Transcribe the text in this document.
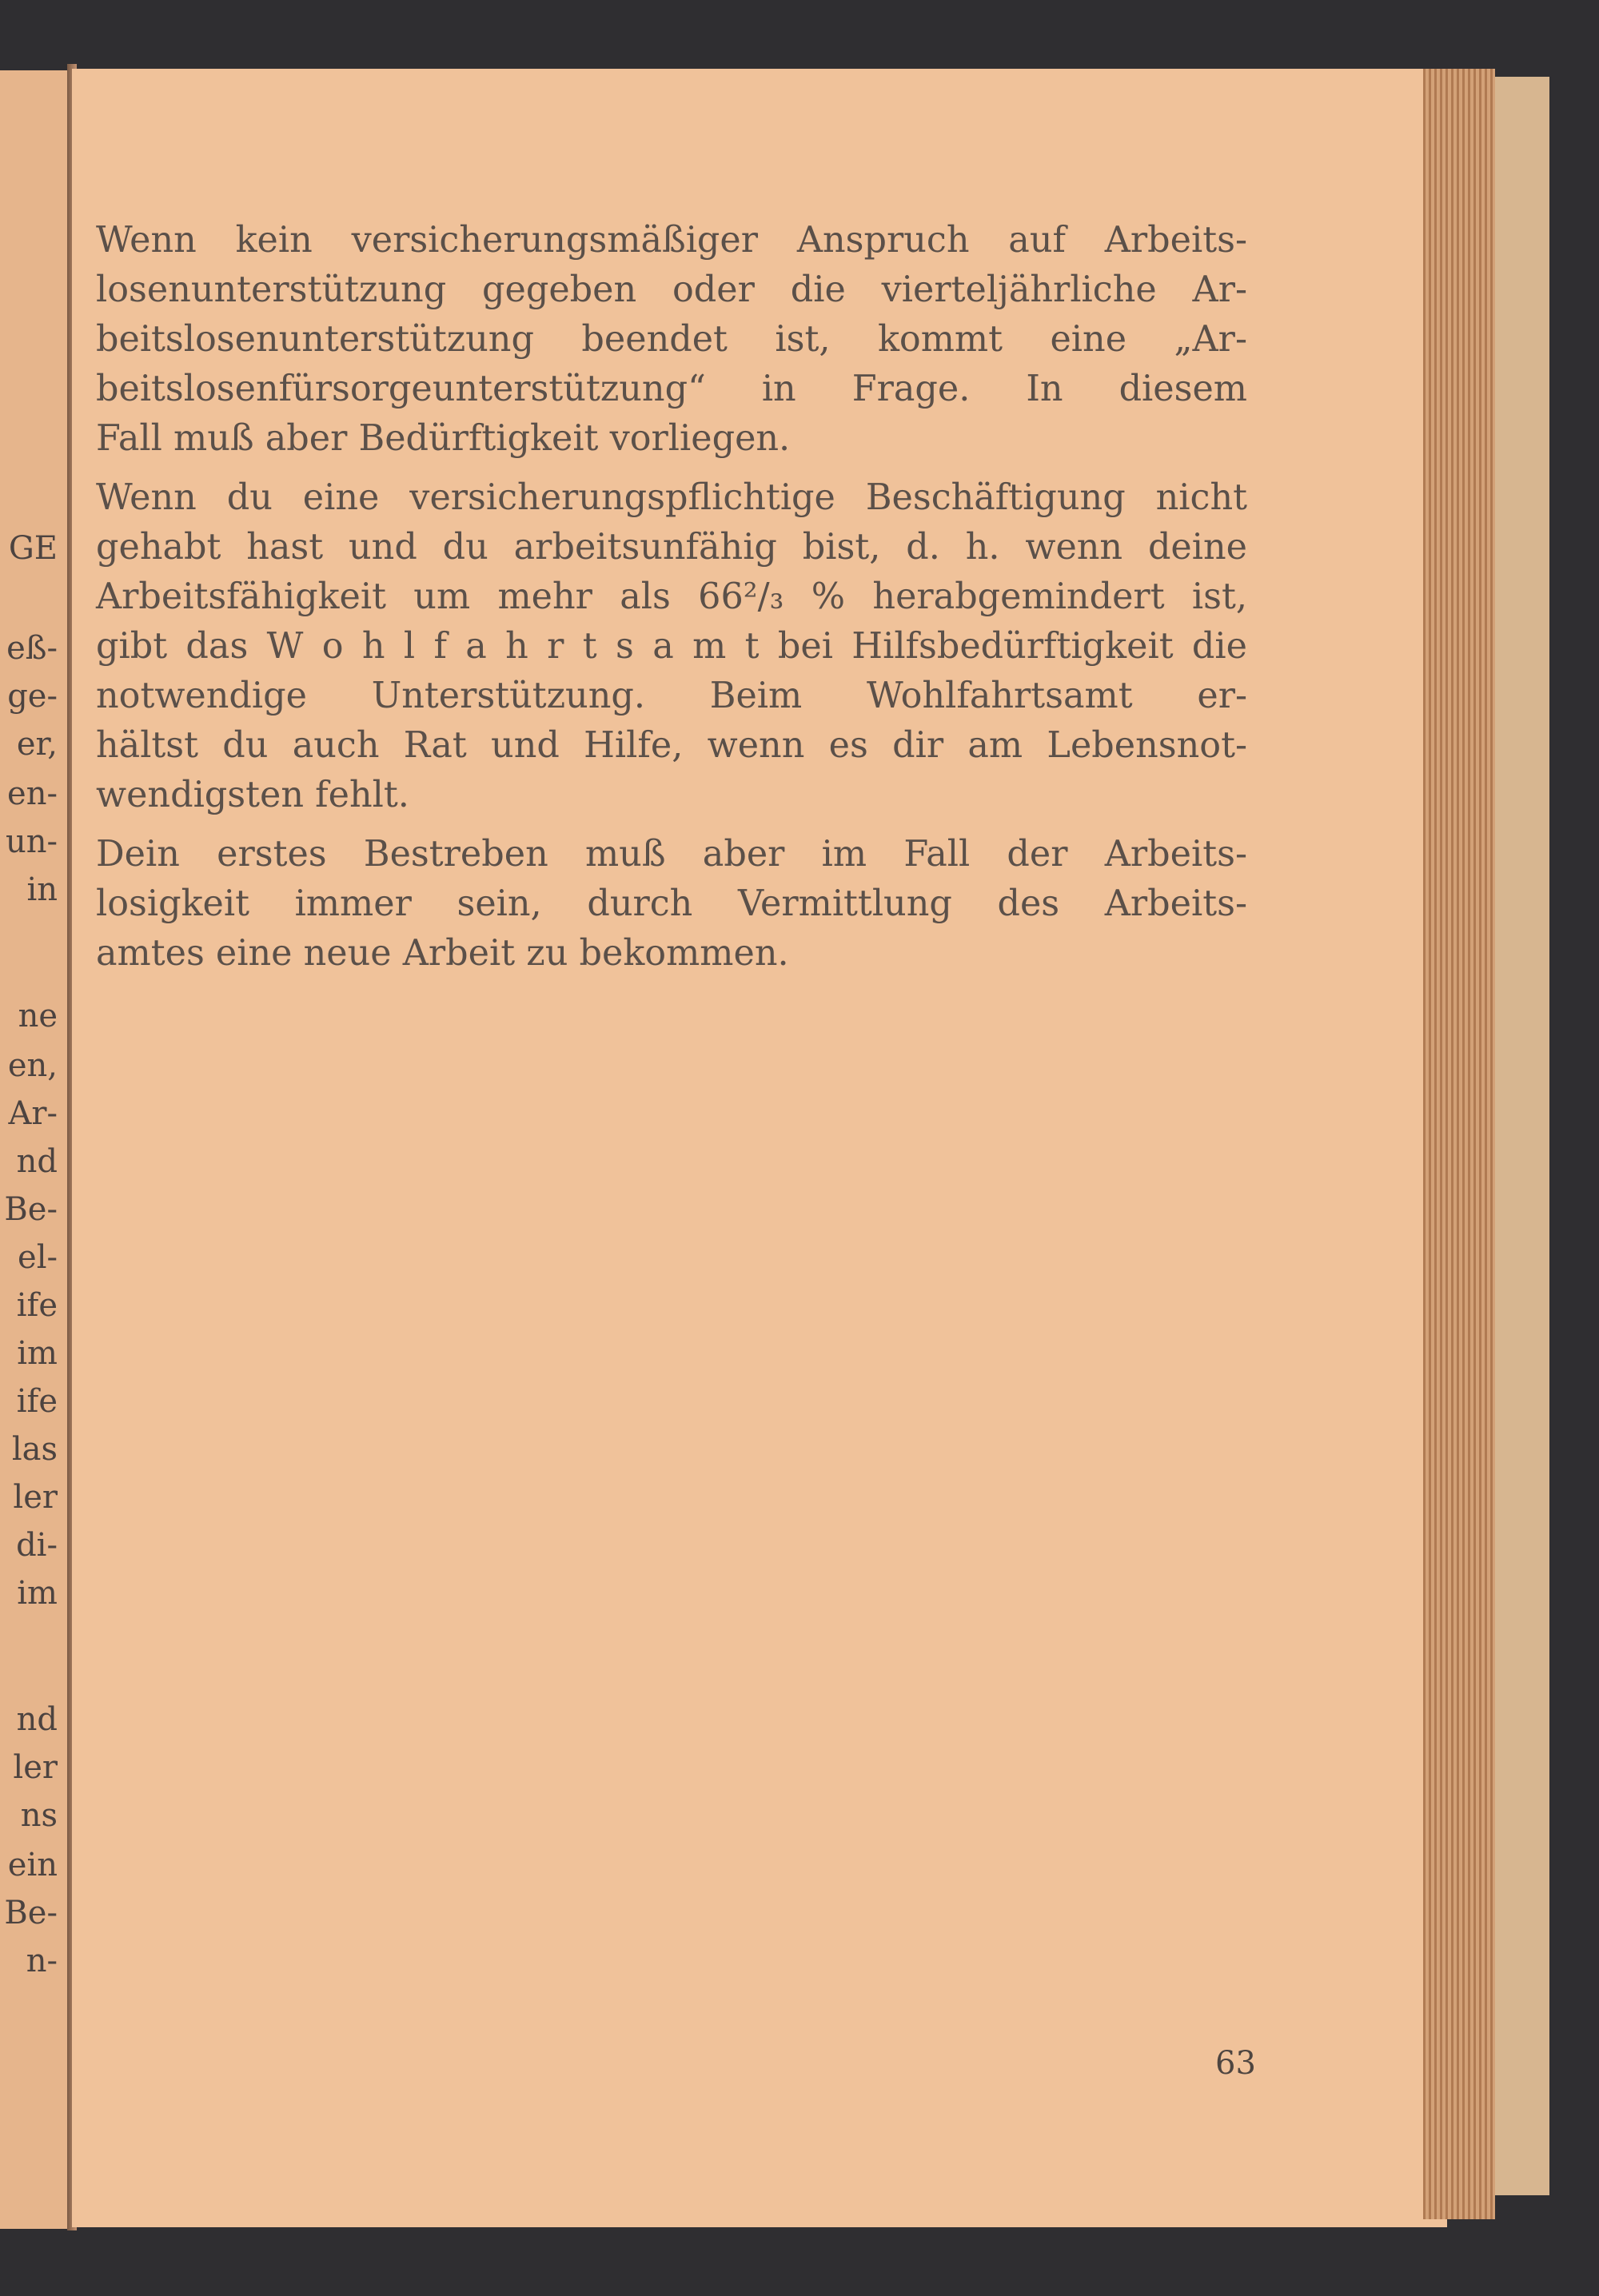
GE
eß-
ge-
er,
en-
un-
in
ne
en,
Ar-
nd
Be-
el-
ife
im
ife
las
ler
di-
im
nd
ler
ns
ein
Be-
n-

Wenn kein versicherungsmäßiger Anspruch auf Arbeits-
losenunterstützung gegeben oder die vierteljährliche Ar-
beitslosenunterstützung beendet ist, kommt eine „Ar-
beitslosenfürsorgeunterstützung“ in Frage. In diesem
Fall muß aber Bedürftigkeit vorliegen.

Wenn du eine versicherungspflichtige Beschäftigung nicht
gehabt hast und du arbeitsunfähig bist, d. h. wenn deine
Arbeitsfähigkeit um mehr als 66²/₃ % herabgemindert ist,
gibt das W o h l f a h r t s a m t bei Hilfsbedürftigkeit die
notwendige Unterstützung. Beim Wohlfahrtsamt er-
hältst du auch Rat und Hilfe, wenn es dir am Lebensnot-
wendigsten fehlt.

Dein erstes Bestreben muß aber im Fall der Arbeits-
losigkeit immer sein, durch Vermittlung des Arbeits-
amtes eine neue Arbeit zu bekommen.

63
